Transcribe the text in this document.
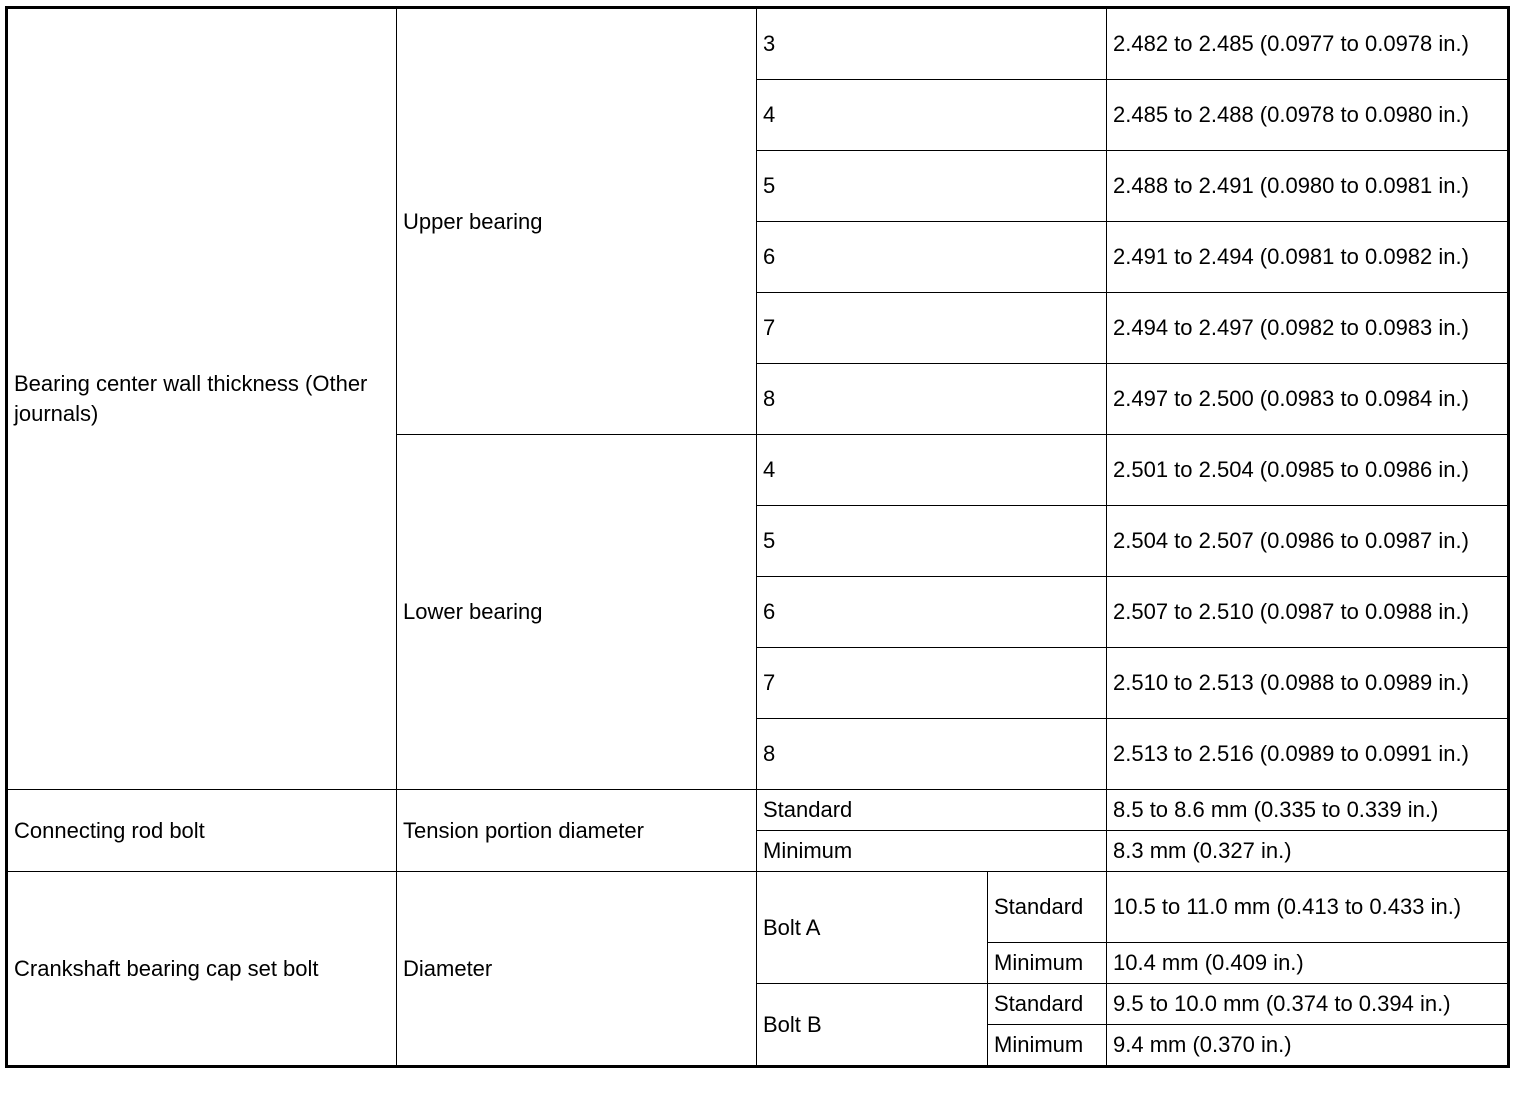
Bearing center wall thickness (Other journals)	Upper bearing	3		2.482 to 2.485 (0.0977 to 0.0978 in.)
		4		2.485 to 2.488 (0.0978 to 0.0980 in.)
		5		2.488 to 2.491 (0.0980 to 0.0981 in.)
		6		2.491 to 2.494 (0.0981 to 0.0982 in.)
		7		2.494 to 2.497 (0.0982 to 0.0983 in.)
		8		2.497 to 2.500 (0.0983 to 0.0984 in.)
	Lower bearing	4		2.501 to 2.504 (0.0985 to 0.0986 in.)
		5		2.504 to 2.507 (0.0986 to 0.0987 in.)
		6		2.507 to 2.510 (0.0987 to 0.0988 in.)
		7		2.510 to 2.513 (0.0988 to 0.0989 in.)
		8		2.513 to 2.516 (0.0989 to 0.0991 in.)
Connecting rod bolt	Tension portion diameter	Standard		8.5 to 8.6 mm (0.335 to 0.339 in.)
		Minimum		8.3 mm (0.327 in.)
Crankshaft bearing cap set bolt	Diameter	Bolt A	Standard	10.5 to 11.0 mm (0.413 to 0.433 in.)
			Minimum	10.4 mm (0.409 in.)
		Bolt B	Standard	9.5 to 10.0 mm (0.374 to 0.394 in.)
			Minimum	9.4 mm (0.370 in.)
